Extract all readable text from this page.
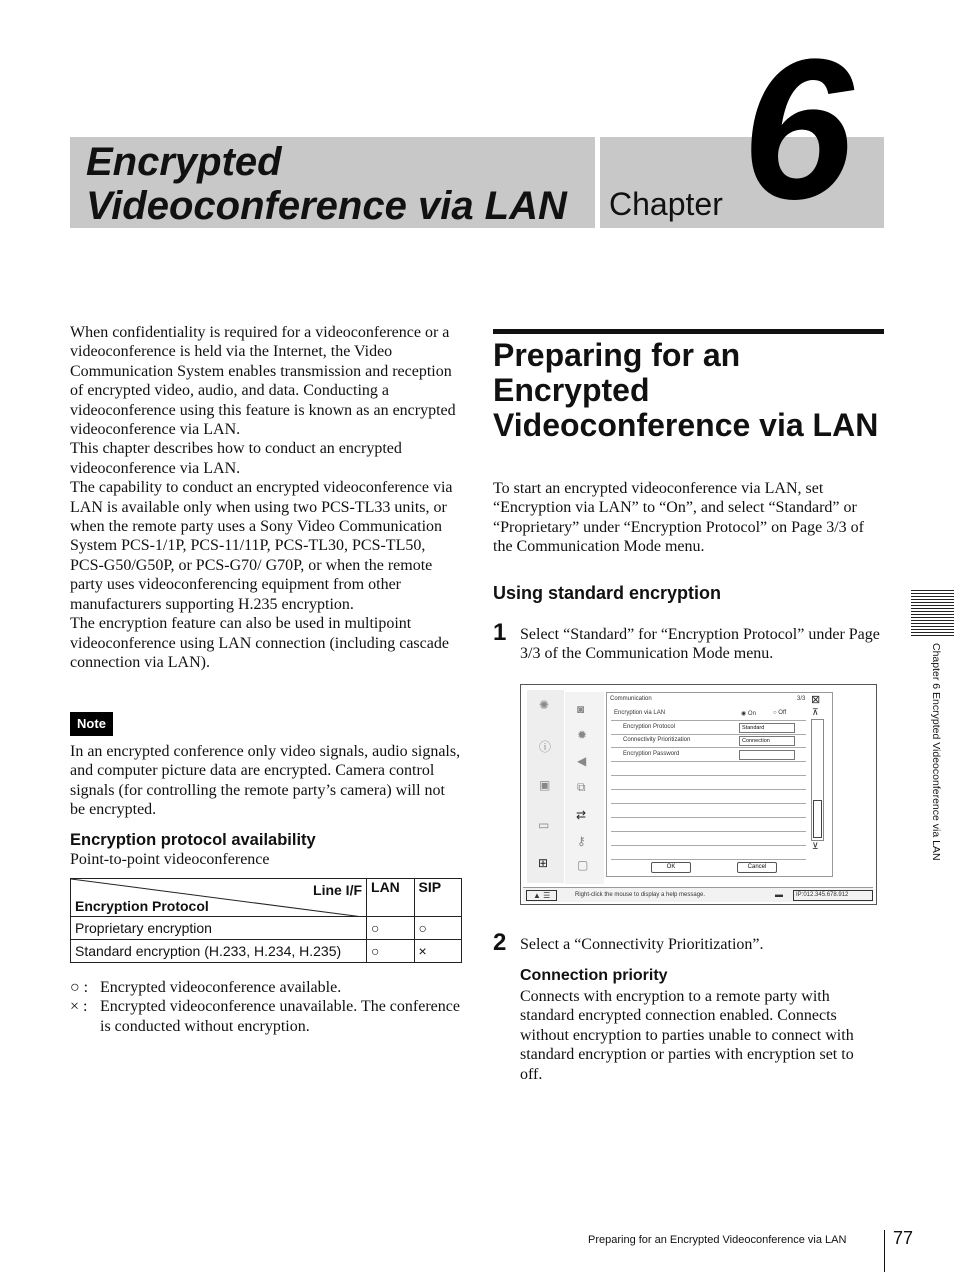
Encrypted
Videoconference via LAN	Chapter 6

When confidentiality is required for a videoconference or a videoconference is held via the Internet, the Video Communication System enables transmission and reception of encrypted video, audio, and data. Conducting a videoconference using this feature is known as an encrypted videoconference via LAN.

This chapter describes how to conduct an encrypted videoconference via LAN.

The capability to conduct an encrypted videoconference via LAN is available only when using two PCS-TL33 units, or when the remote party uses a Sony Video Communication System PCS-1/1P, PCS-11/11P, PCS-TL30, PCS-TL50, PCS-G50/G50P, or PCS-G70/ G70P, or when the remote party uses videoconferencing equipment from other manufacturers supporting H.235 encryption.

The encryption feature can also be used in multipoint videoconference using LAN connection (including cascade connection via LAN).

Note

In an encrypted conference only video signals, audio signals, and computer picture data are encrypted. Camera control signals (for controlling the remote party’s camera) will not be encrypted.

Encryption protocol availability
Point-to-point videoconference
Line I/F
Encryption Protocol	LAN	SIP
Proprietary encryption	○	○
Standard encryption (H.233, H.234, H.235)	○	×
○ : Encrypted videoconference available.
× : Encrypted videoconference unavailable. The conference is conducted without encryption.
Preparing for an Encrypted Videoconference via LAN
To start an encrypted videoconference via LAN, set “Encryption via LAN” to “On”, and select “Standard” or “Proprietary” under “Encryption Protocol” on Page 3/3 of the Communication Mode menu.
Using standard encryption
1 Select “Standard” for “Encryption Protocol” under Page 3/3 of the Communication Mode menu.
✺
ⓘ
▣
▭
⊞
◙
✹
◀
⧉
⇄
⚷
▢
Communication	3/3
Encryption via LAN	◉ On	○ Off
Encryption Protocol	Standard
Connectivity Prioritization	Connection
Encryption Password
OK	Cancel
⊠
⊼
⊻
▲ ☰	Right-click the mouse to display a help message.	▬	IP:012.345.678.912
2 Select a “Connectivity Prioritization”.
Connection priority
Connects with encryption to a remote party with standard encrypted connection enabled. Connects without encryption to parties unable to connect with standard encryption or parties with encryption set to off.
Chapter 6 Encrypted Videoconference via LAN
Preparing for an Encrypted Videoconference via LAN	77
